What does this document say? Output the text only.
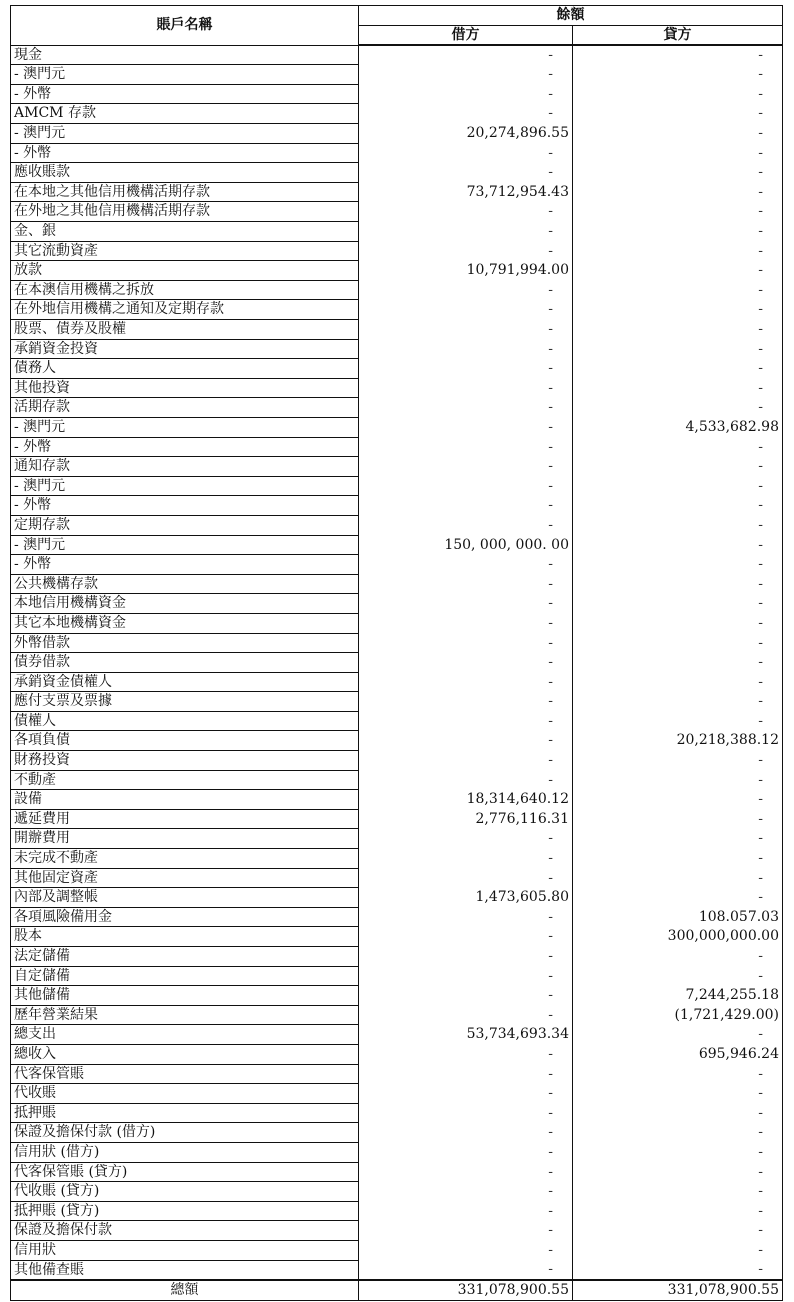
賬戶名稱	餘額	
	借方	貸方
現金	-	-
- 澳門元	-	-
- 外幣	-	-
AMCM 存款	-	-
- 澳門元	20,274,896.55	-
- 外幣	-	-
應收賬款	-	-
在本地之其他信用機構活期存款	73,712,954.43	-
在外地之其他信用機構活期存款	-	-
金、銀	-	-
其它流動資產	-	-
放款	10,791,994.00	-
在本澳信用機構之拆放	-	-
在外地信用機構之通知及定期存款	-	-
股票、債券及股權	-	-
承銷資金投資	-	-
債務人	-	-
其他投資	-	-
活期存款	-	-
- 澳門元	-	4,533,682.98
- 外幣	-	-
通知存款	-	-
- 澳門元	-	-
- 外幣	-	-
定期存款	-	-
- 澳門元	150, 000, 000. 00	-
- 外幣	-	-
公共機構存款	-	-
本地信用機構資金	-	-
其它本地機構資金	-	-
外幣借款	-	-
債券借款	-	-
承銷資金債權人	-	-
應付支票及票據	-	-
債權人	-	-
各項負債	-	20,218,388.12
財務投資	-	-
不動產	-	-
設備	18,314,640.12	-
遞延費用	2,776,116.31	-
開辦費用	-	-
未完成不動產	-	-
其他固定資產	-	-
內部及調整帳	1,473,605.80	-
各項風險備用金	-	108.057.03
股本	-	300,000,000.00
法定儲備	-	-
自定儲備	-	-
其他儲備	-	7,244,255.18
歷年營業結果	-	(1,721,429.00)
總支出	53,734,693.34	-
總收入	-	695,946.24
代客保管賬	-	-
代收賬	-	-
抵押賬	-	-
保證及擔保付款 (借方)	-	-
信用狀 (借方)	-	-
代客保管賬 (貸方)	-	-
代收賬 (貸方)	-	-
抵押賬 (貸方)	-	-
保證及擔保付款	-	-
信用狀	-	-
其他備查賬	-	-
總額	331,078,900.55	331,078,900.55
